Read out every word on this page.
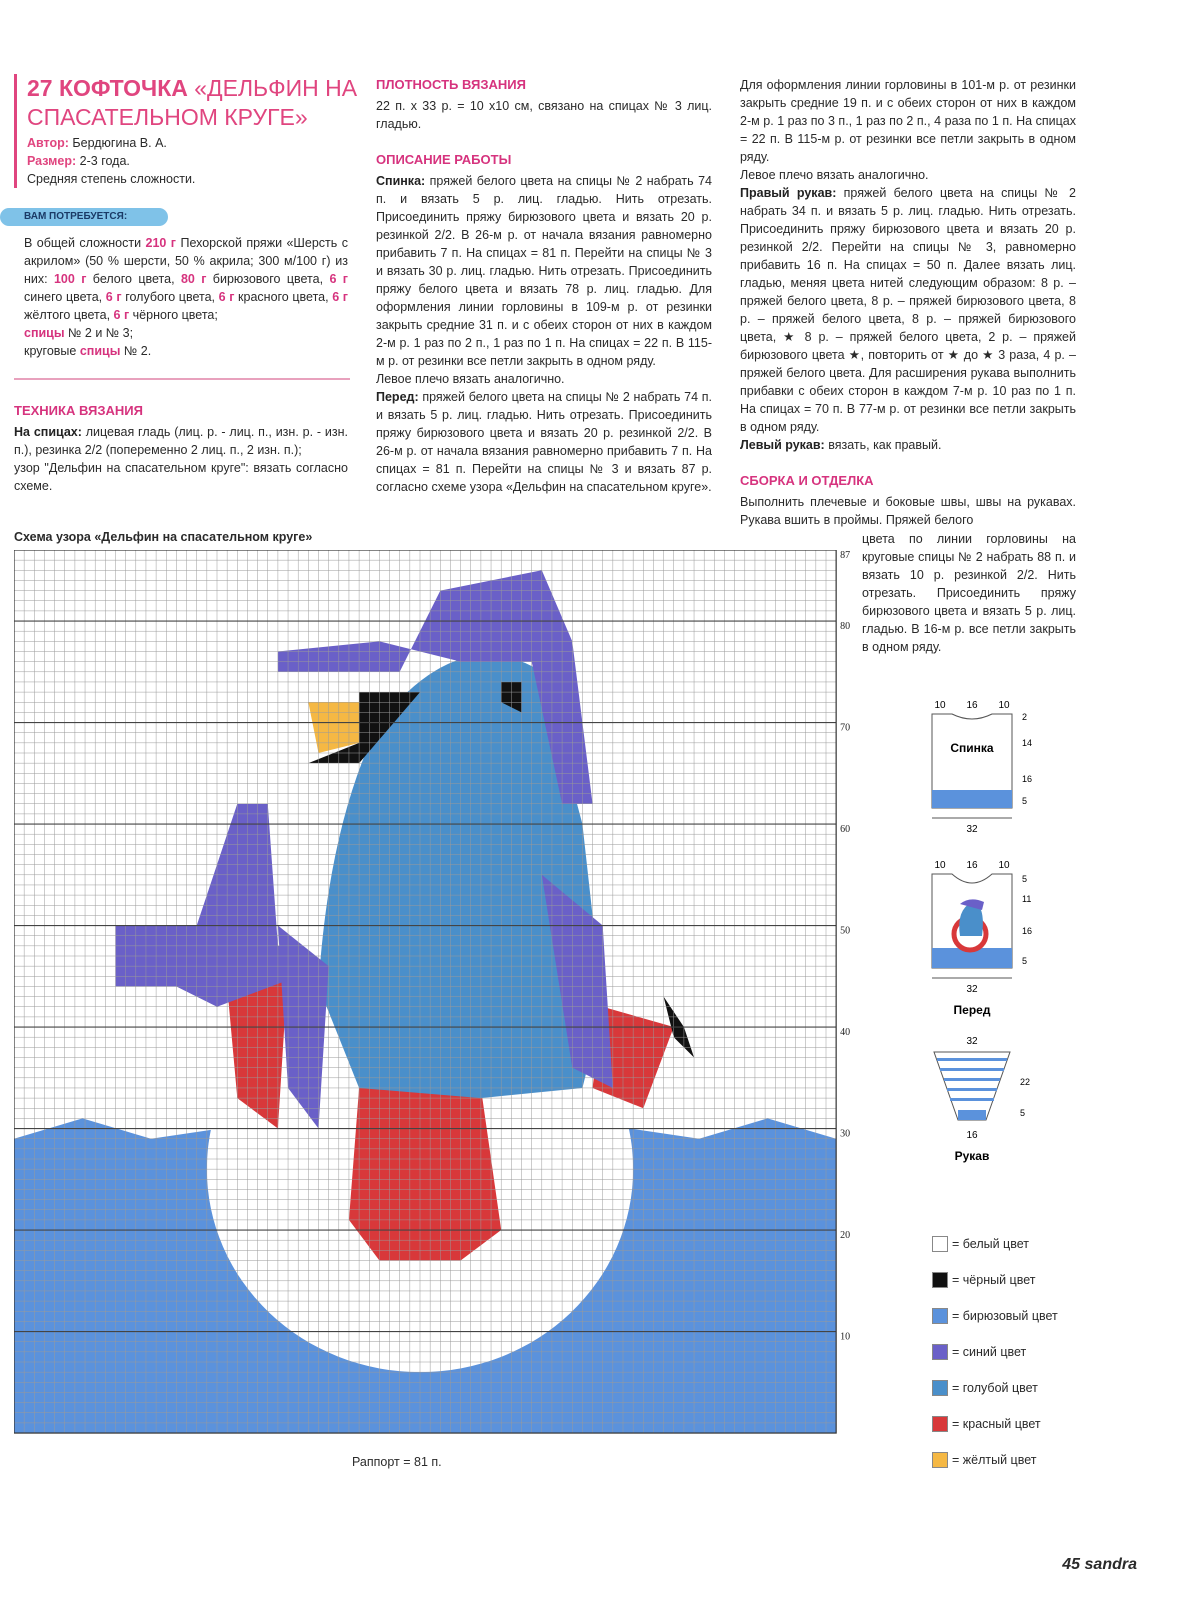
27 КОФТОЧКА «ДЕЛЬФИН НА
СПАСАТЕЛЬНОМ КРУГЕ»
Автор: Бердюгина В. А.
Размер: 2-3 года.
Средняя степень сложности.
ВАМ ПОТРЕБУЕТСЯ:

В общей сложности 210 г Пехорской пряжи «Шерсть с акрилом» (50 % шерсти, 50 % акрила; 300 м/100 г) из них: 100 г белого цвета, 80 г бирюзового цвета, 6 г синего цвета, 6 г голубого цвета, 6 г красного цвета, 6 г жёлтого цвета, 6 г чёрного цвета;

спицы № 2 и № 3;

круговые спицы № 2.

ТЕХНИКА ВЯЗАНИЯ

На спицах: лицевая гладь (лиц. р. - лиц. п., изн. р. - изн. п.), резинка 2/2 (попеременно 2 лиц. п., 2 изн. п.);

узор "Дельфин на спасательном круге": вязать согласно схеме.

ПЛОТНОСТЬ ВЯЗАНИЯ

22 п. х 33 р. = 10 х10 см, связано на спицах № 3 лиц. гладью.

ОПИСАНИЕ РАБОТЫ

Спинка: пряжей белого цвета на спицы № 2 набрать 74 п. и вязать 5 р. лиц. гладью. Нить отрезать. Присоединить пряжу бирюзового цвета и вязать 20 р. резинкой 2/2. В 26-м р. от начала вязания равномерно прибавить 7 п. На спицах = 81 п. Перейти на спицы № 3 и вязать 30 р. лиц. гладью. Нить отрезать. Присоединить пряжу белого цвета и вязать 78 р. лиц. гладью. Для оформления линии горловины в 109-м р. от резинки закрыть средние 31 п. и с обеих сторон от них в каждом 2-м р. 1 раз по 2 п., 1 раз по 1 п. На спицах = 22 п. В 115-м р. от резинки все петли закрыть в одном ряду.

Левое плечо вязать аналогично.

Перед: пряжей белого цвета на спицы № 2 набрать 74 п. и вязать 5 р. лиц. гладью. Нить отрезать. Присоединить пряжу бирюзового цвета и вязать 20 р. резинкой 2/2. В 26-м р. от начала вязания равномерно прибавить 7 п. На спицах = 81 п. Перейти на спицы № 3 и вязать 87 р. согласно схеме узора «Дельфин на спасательном круге».

Для оформления линии горловины в 101-м р. от резинки закрыть средние 19 п. и с обеих сторон от них в каждом 2-м р. 1 раз по 3 п., 1 раз по 2 п., 4 раза по 1 п. На спицах = 22 п. В 115-м р. от резинки все петли закрыть в одном ряду.

Левое плечо вязать аналогично.

Правый рукав: пряжей белого цвета на спицы № 2 набрать 34 п. и вязать 5 р. лиц. гладью. Нить отрезать. Присоединить пряжу бирюзового цвета и вязать 20 р. резинкой 2/2. Перейти на спицы № 3, равномерно прибавить 16 п. На спицах = 50 п. Далее вязать лиц. гладью, меняя цвета нитей следующим образом: 8 р. – пряжей белого цвета, 8 р. – пряжей бирюзового цвета, 8 р. – пряжей белого цвета, 8 р. – пряжей бирюзового цвета, ★ 8 р. – пряжей белого цвета, 2 р. – пряжей бирюзового цвета ★, повторить от ★ до ★ 3 раза, 4 р. – пряжей белого цвета. Для расширения рукава выполнить прибавки с обеих сторон в каждом 7-м р. 10 раз по 1 п. На спицах = 70 п. В 77-м р. от резинки все петли закрыть в одном ряду.

Левый рукав: вязать, как правый.

СБОРКА И ОТДЕЛКА

Выполнить плечевые и боковые швы, швы на рукавах. Рукава вшить в проймы. Пряжей белого

цвета по линии горловины на круговые спицы № 2 набрать 88 п. и вязать 10 р. резинкой 2/2. Нить отрезать. Присоединить пряжу бирюзового цвета и вязать 5 р. лиц. гладью. В 16-м р. все петли закрыть в одном ряду.

Схема узора «Дельфин на спасательном круге»
87
80
70
60
50
40
30
20
10
Раппорт = 81 п.
10 16 10
Спинка
2
14
16
5
32
10 16 10
5
11
16
5
32
Перед
32
22
5
16
Рукав
= белый цвет
= чёрный цвет
= бирюзовый цвет
= синий цвет
= голубой цвет
= красный цвет
= жёлтый цвет
45 sandra
